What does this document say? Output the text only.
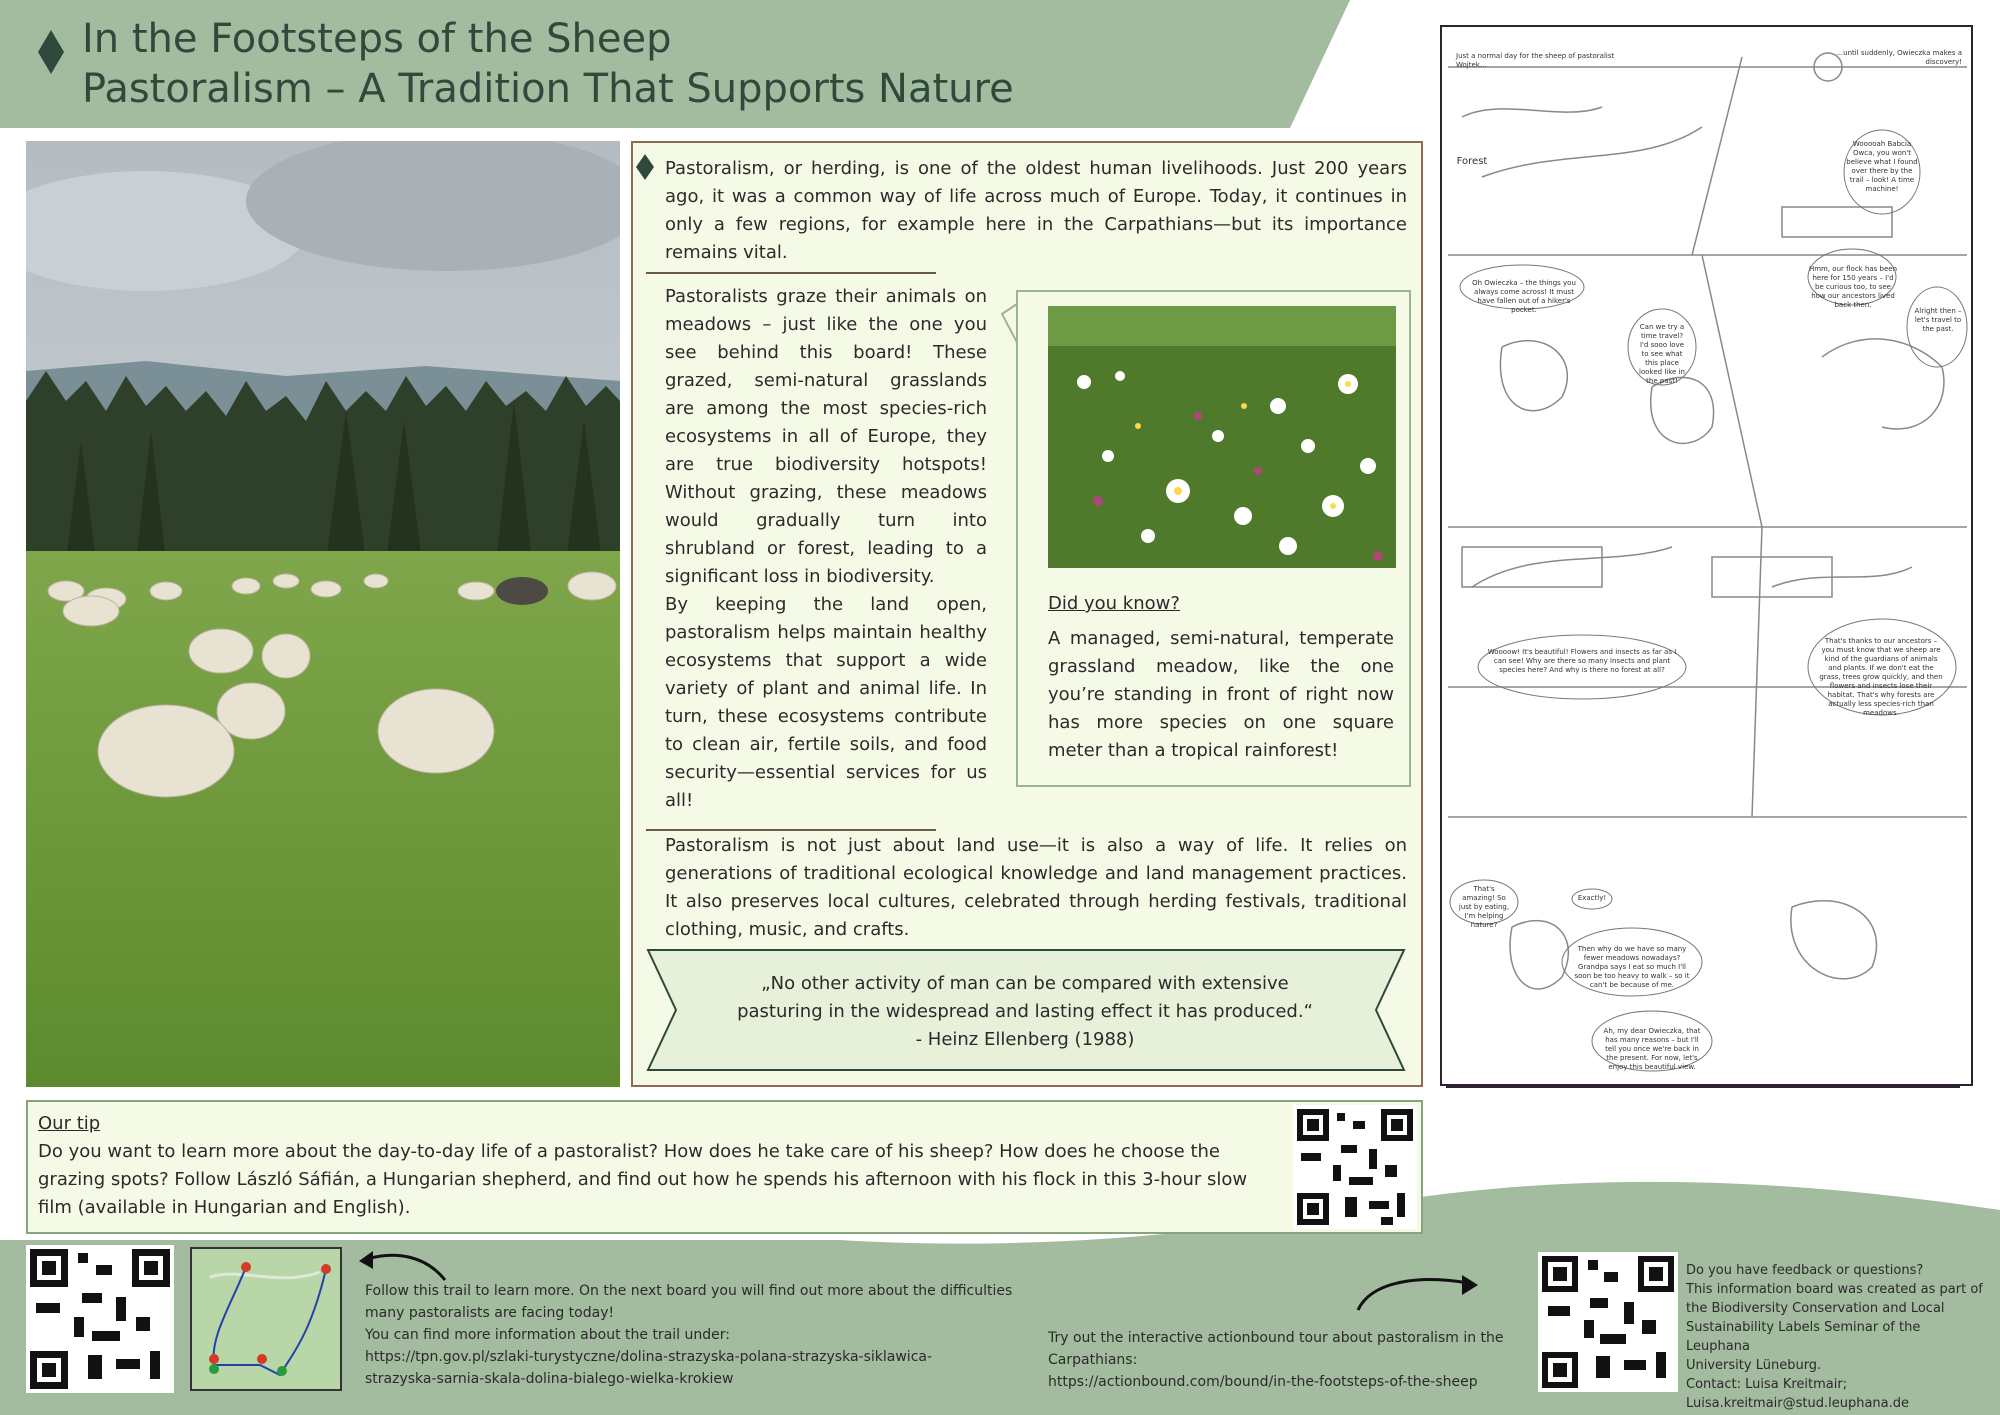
In the Footsteps of the Sheep
Pastoralism – A Tradition That Supports Nature
Pastoralism, or herding, is one of the oldest human livelihoods. Just 200 years ago, it was a common way of life across much of Europe. Today, it continues in only a few regions, for example here in the Carpathians—but its importance remains vital.
Pastoralists graze their animals on meadows – just like the one you see behind this board! These grazed, semi-natural grasslands are among the most species-rich ecosystems in all of Europe, they are true biodiversity hotspots! Without grazing, these meadows would gradually turn into shrubland or forest, leading to a significant loss in biodiversity.
By keeping the land open, pastoralism helps maintain healthy ecosystems that support a wide variety of plant and animal life. In turn, these ecosystems contribute to clean air, fertile soils, and food security—essential services for us all!
Pastoralism is not just about land use—it is also a way of life. It relies on generations of traditional ecological knowledge and land management practices. It also preserves local cultures, celebrated through herding festivals, traditional clothing, music, and crafts.
Did you know?
A managed, semi-natural, temperate grassland meadow, like the one you’re standing in front of right now has more species on one square meter than a tropical rainforest!
„No other activity of man can be compared with extensive
pasturing in the widespread and lasting effect it has produced.“
- Heinz Ellenberg (1988)
Just a normal day for the sheep of pastoralist Wojtek...
...until suddenly, Owieczka makes a discovery!
Wooooah Babcia Owca, you won't believe what I found over there by the trail – look! A time machine!
Forest
Oh Owieczka – the things you always come across! It must have fallen out of a hiker's pocket.
Can we try a time travel? I'd sooo love to see what this place looked like in the past!
Hmm, our flock has been here for 150 years – I'd be curious too, to see how our ancestors lived back then.
Alright then – let's travel to the past.
Woooow! It's beautiful! Flowers and insects as far as I can see! Why are there so many insects and plant species here? And why is there no forest at all?
That's thanks to our ancestors – you must know that we sheep are kind of the guardians of animals and plants. If we don't eat the grass, trees grow quickly, and then flowers and insects lose their habitat. That's why forests are actually less species-rich than meadows.
That's amazing! So just by eating, I'm helping nature?
Exactly!
Then why do we have so many fewer meadows nowadays? Grandpa says I eat so much I'll soon be too heavy to walk – so it can't be because of me.
Ah, my dear Owieczka, that has many reasons – but I'll tell you once we're back in the present. For now, let's enjoy this beautiful view.
Our tip
Do you want to learn more about the day-to-day life of a pastoralist? How does he take care of his sheep? How does he choose the grazing spots? Follow László Sáfián, a Hungarian shepherd, and find out how he spends his afternoon with his flock in this 3-hour slow film (available in Hungarian and English).
Follow this trail to learn more. On the next board you will find out more about the difficulties
many pastoralists are facing today!
You can find more information about the trail under:
https://tpn.gov.pl/szlaki-turystyczne/dolina-strazyska-polana-strazyska-siklawica-
strazyska-sarnia-skala-dolina-bialego-wielka-krokiew
Try out the interactive actionbound tour about pastoralism in the
Carpathians:
https://actionbound.com/bound/in-the-footsteps-of-the-sheep
Do you have feedback or questions?
This information board was created as part of
the Biodiversity Conservation and Local
Sustainability Labels Seminar of the Leuphana
University Lüneburg.
Contact: Luisa Kreitmair;
Luisa.kreitmair@stud.leuphana.de
